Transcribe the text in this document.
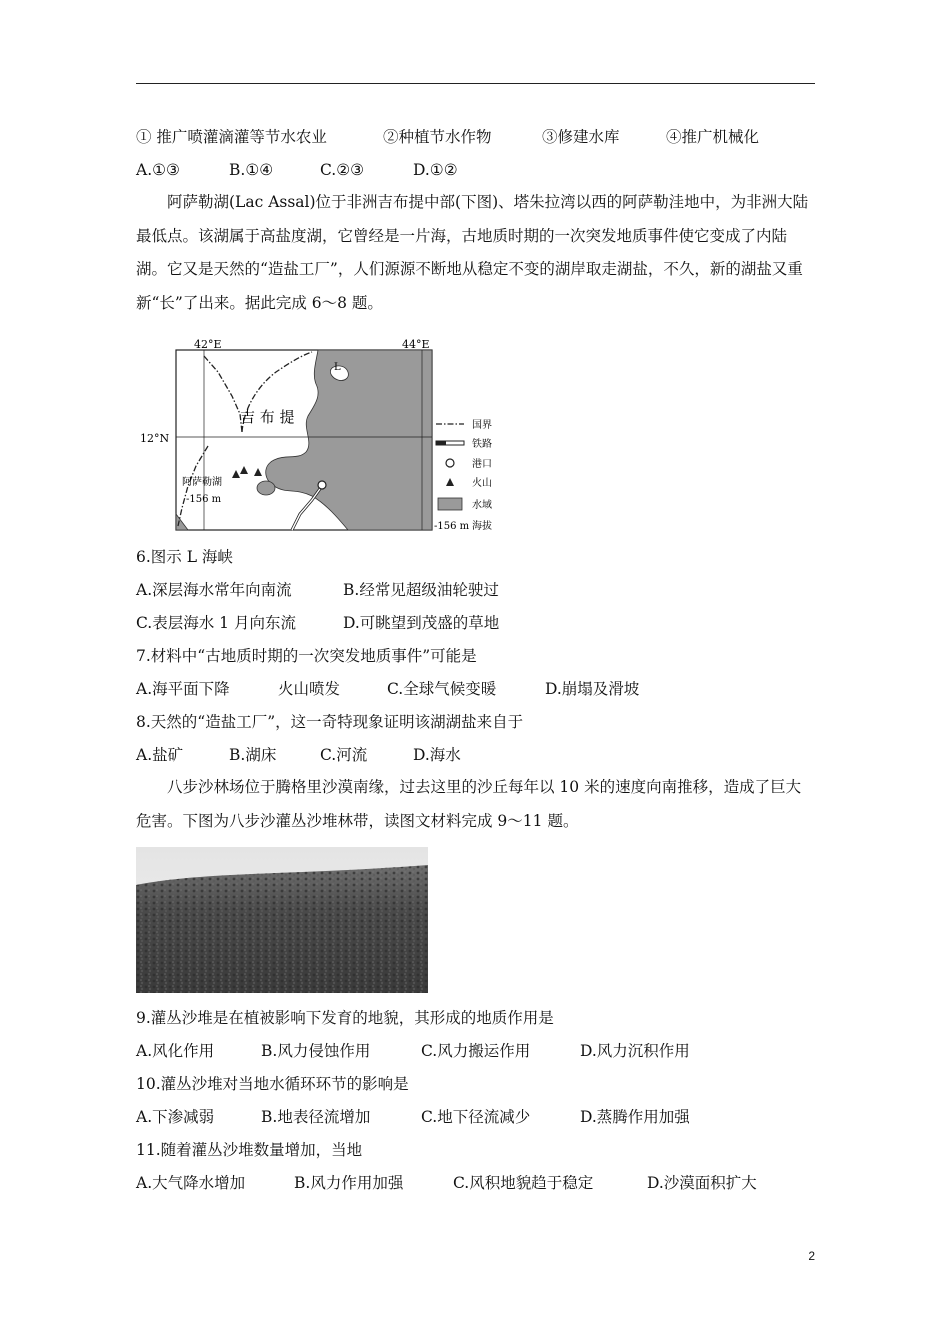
① 推广喷灌滴灌等节水农业	②种植节水作物	③修建水库	④推广机械化
A.①③	B.①④	C.②③	D.①②
阿萨勒湖(Lac Assal)位于非洲吉布提中部(下图)、塔朱拉湾以西的阿萨勒洼地中，为非洲大陆最低点。该湖属于高盐度湖，它曾经是一片海，古地质时期的一次突发地质事件使它变成了内陆湖。它又是天然的“造盐工厂”，人们源源不断地从稳定不变的湖岸取走湖盐，不久，新的湖盐又重新“长”了出来。据此完成 6～8 题。
42°E	44°E
12°N
吉 布 提
L
阿萨勒湖
-156 m
国界
铁路
港口
火山
水域
-156 m 海拔
6.图示 L 海峡
A.深层海水常年向南流	B.经常见超级油轮驶过
C.表层海水 1 月向东流	D.可眺望到茂盛的草地
7.材料中“古地质时期的一次突发地质事件”可能是
A.海平面下降	火山喷发	C.全球气候变暖	D.崩塌及滑坡
8.天然的“造盐工厂”，这一奇特现象证明该湖湖盐来自于
A.盐矿	B.湖床	C.河流	D.海水
八步沙林场位于腾格里沙漠南缘，过去这里的沙丘每年以 10 米的速度向南推移，造成了巨大危害。下图为八步沙灌丛沙堆林带，读图文材料完成 9～11 题。
9.灌丛沙堆是在植被影响下发育的地貌，其形成的地质作用是
A.风化作用	B.风力侵蚀作用	C.风力搬运作用	D.风力沉积作用
10.灌丛沙堆对当地水循环环节的影响是
A.下渗减弱	B.地表径流增加	C.地下径流减少	D.蒸腾作用加强
11.随着灌丛沙堆数量增加，当地
A.大气降水增加	B.风力作用加强	C.风积地貌趋于稳定	D.沙漠面积扩大
2
